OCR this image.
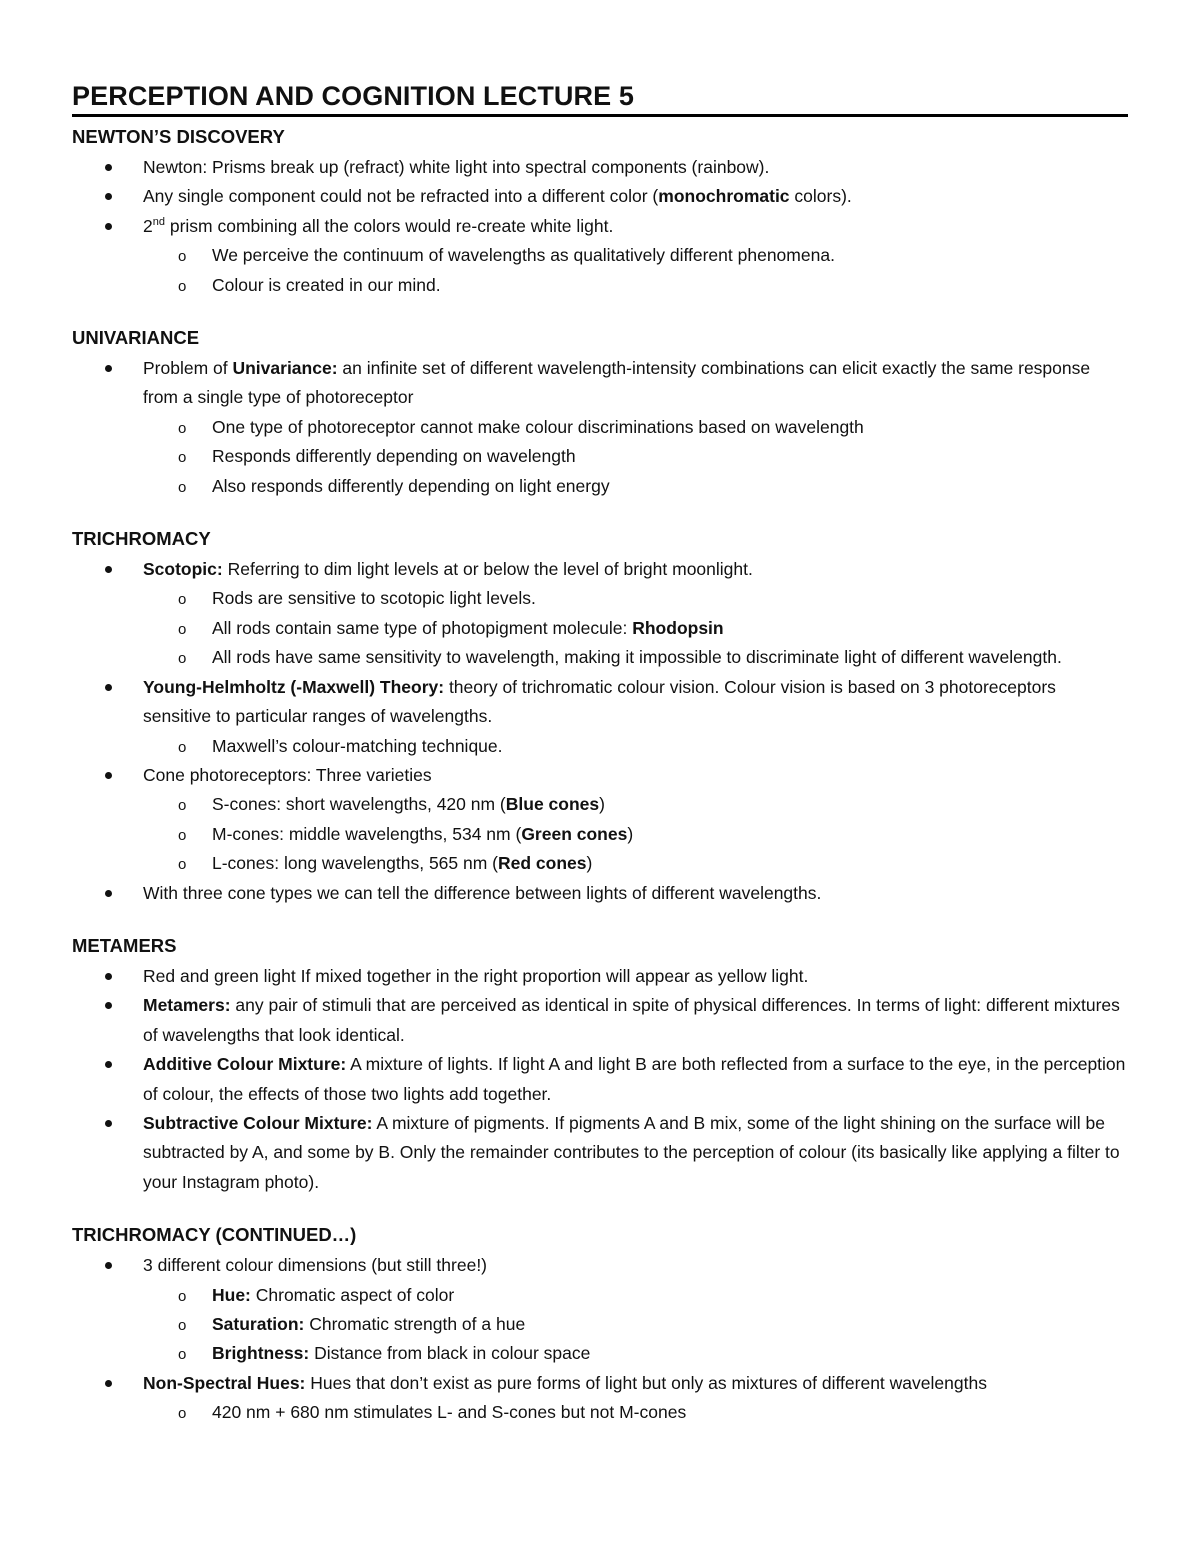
PERCEPTION AND COGNITION LECTURE 5
NEWTON’S DISCOVERY
Newton: Prisms break up (refract) white light into spectral components (rainbow).
Any single component could not be refracted into a different color (monochromatic colors).
2nd prism combining all the colors would re-create white light.
o We perceive the continuum of wavelengths as qualitatively different phenomena.
o Colour is created in our mind.
UNIVARIANCE
Problem of Univariance: an infinite set of different wavelength-intensity combinations can elicit exactly the same response from a single type of photoreceptor
o One type of photoreceptor cannot make colour discriminations based on wavelength
o Responds differently depending on wavelength
o Also responds differently depending on light energy
TRICHROMACY
Scotopic: Referring to dim light levels at or below the level of bright moonlight.
o Rods are sensitive to scotopic light levels.
o All rods contain same type of photopigment molecule: Rhodopsin
o All rods have same sensitivity to wavelength, making it impossible to discriminate light of different wavelength.
Young-Helmholtz (-Maxwell) Theory: theory of trichromatic colour vision. Colour vision is based on 3 photoreceptors sensitive to particular ranges of wavelengths.
o Maxwell’s colour-matching technique.
Cone photoreceptors: Three varieties
o S-cones: short wavelengths, 420 nm (Blue cones)
o M-cones: middle wavelengths, 534 nm (Green cones)
o L-cones: long wavelengths, 565 nm (Red cones)
With three cone types we can tell the difference between lights of different wavelengths.
METAMERS
Red and green light If mixed together in the right proportion will appear as yellow light.
Metamers: any pair of stimuli that are perceived as identical in spite of physical differences. In terms of light: different mixtures of wavelengths that look identical.
Additive Colour Mixture: A mixture of lights. If light A and light B are both reflected from a surface to the eye, in the perception of colour, the effects of those two lights add together.
Subtractive Colour Mixture: A mixture of pigments. If pigments A and B mix, some of the light shining on the surface will be subtracted by A, and some by B. Only the remainder contributes to the perception of colour (its basically like applying a filter to your Instagram photo).
TRICHROMACY (CONTINUED…)
3 different colour dimensions (but still three!)
o Hue: Chromatic aspect of color
o Saturation: Chromatic strength of a hue
o Brightness: Distance from black in colour space
Non-Spectral Hues: Hues that don’t exist as pure forms of light but only as mixtures of different wavelengths
o 420 nm + 680 nm stimulates L- and S-cones but not M-cones
